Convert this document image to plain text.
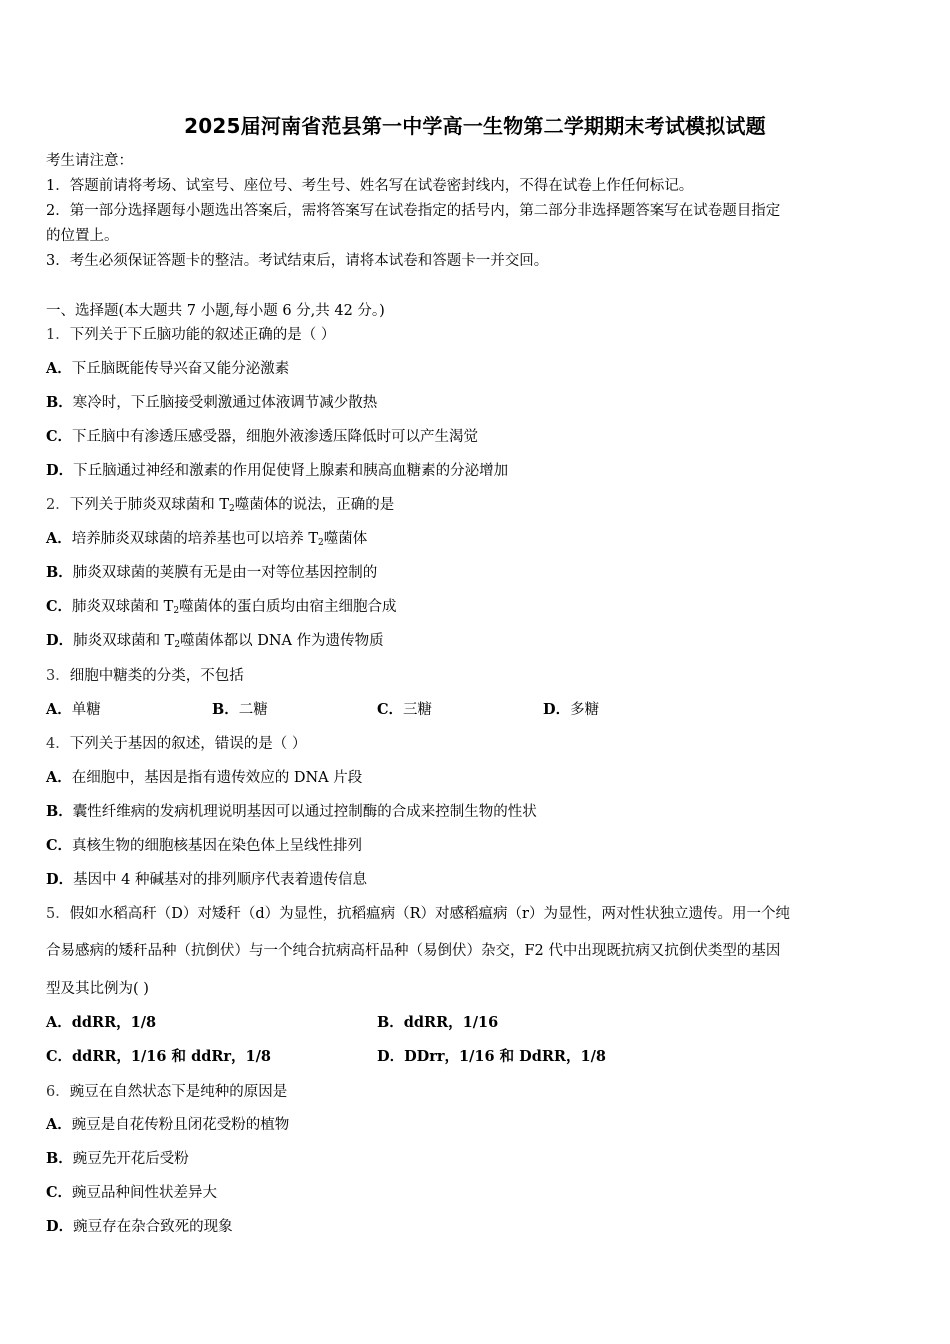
2025届河南省范县第一中学高一生物第二学期期末考试模拟试题
考生请注意：
1．答题前请将考场、试室号、座位号、考生号、姓名写在试卷密封线内，不得在试卷上作任何标记。
2．第一部分选择题每小题选出答案后，需将答案写在试卷指定的括号内，第二部分非选择题答案写在试卷题目指定
的位置上。
3．考生必须保证答题卡的整洁。考试结束后，请将本试卷和答题卡一并交回。
一、选择题(本大题共 7 小题,每小题 6 分,共 42 分。)
1．下列关于下丘脑功能的叙述正确的是（ ）
A．下丘脑既能传导兴奋又能分泌激素
B．寒冷时，下丘脑接受刺激通过体液调节减少散热
C．下丘脑中有渗透压感受器，细胞外液渗透压降低时可以产生渴觉
D．下丘脑通过神经和激素的作用促使肾上腺素和胰高血糖素的分泌增加
2．下列关于肺炎双球菌和 $T_2$噬菌体的说法，正确的是
A．培养肺炎双球菌的培养基也可以培养 $T_2$噬菌体
B．肺炎双球菌的荚膜有无是由一对等位基因控制的
C．肺炎双球菌和 $T_2$噬菌体的蛋白质均由宿主细胞合成
D．肺炎双球菌和 $T_2$噬菌体都以 DNA 作为遗传物质
3．细胞中糖类的分类，不包括
A．单糖	B．二糖	C．三糖	D．多糖
4．下列关于基因的叙述，错误的是（ ）
A．在细胞中，基因是指有遗传效应的 DNA 片段
B．囊性纤维病的发病机理说明基因可以通过控制酶的合成来控制生物的性状
C．真核生物的细胞核基因在染色体上呈线性排列
D．基因中 4 种碱基对的排列顺序代表着遗传信息
5．假如水稻高秆（D）对矮秆（d）为显性，抗稻瘟病（R）对感稻瘟病（r）为显性，两对性状独立遗传。用一个纯
合易感病的矮秆品种（抗倒伏）与一个纯合抗病高杆品种（易倒伏）杂交，F2 代中出现既抗病又抗倒伏类型的基因
型及其比例为( )
A．ddRR，1/8	B．ddRR，1/16
C．ddRR，1/16 和 ddRr，1/8	D．DDrr，1/16 和 DdRR，1/8
6．豌豆在自然状态下是纯种的原因是
A．豌豆是自花传粉且闭花受粉的植物
B．豌豆先开花后受粉
C．豌豆品种间性状差异大
D．豌豆存在杂合致死的现象
